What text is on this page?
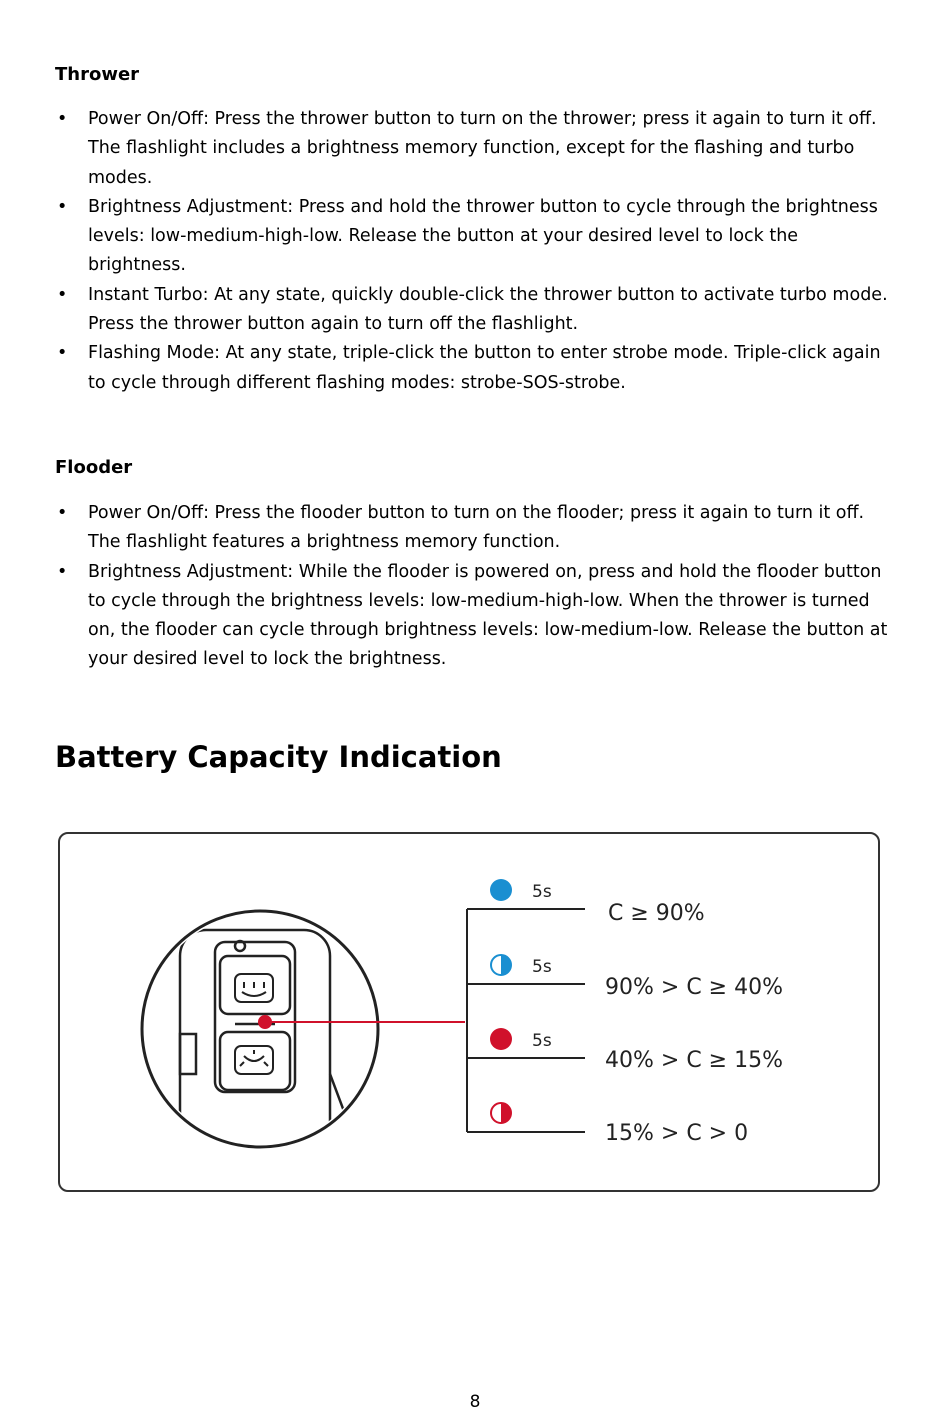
Thrower
• Power On/Off: Press the thrower button to turn on the thrower; press it again to turn it off. The flashlight includes a brightness memory function, except for the flashing and turbo modes.
• Brightness Adjustment: Press and hold the thrower button to cycle through the brightness levels: low-medium-high-low. Release the button at your desired level to lock the brightness.
• Instant Turbo: At any state, quickly double-click the thrower button to activate turbo mode. Press the thrower button again to turn off the flashlight.
• Flashing Mode: At any state, triple-click the button to enter strobe mode. Triple-click again to cycle through different flashing modes: strobe-SOS-strobe.
Flooder
• Power On/Off: Press the flooder button to turn on the flooder; press it again to turn it off. The flashlight features a brightness memory function.
• Brightness Adjustment: While the flooder is powered on, press and hold the flooder button to cycle through the brightness levels: low-medium-high-low. When the thrower is turned on, the flooder can cycle through brightness levels: low-medium-low. Release the button at your desired level to lock the brightness.
Battery Capacity Indication
5s
C ≥ 90%
5s
90% > C ≥ 40%
5s
40% > C ≥ 15%
15% > C > 0
8
